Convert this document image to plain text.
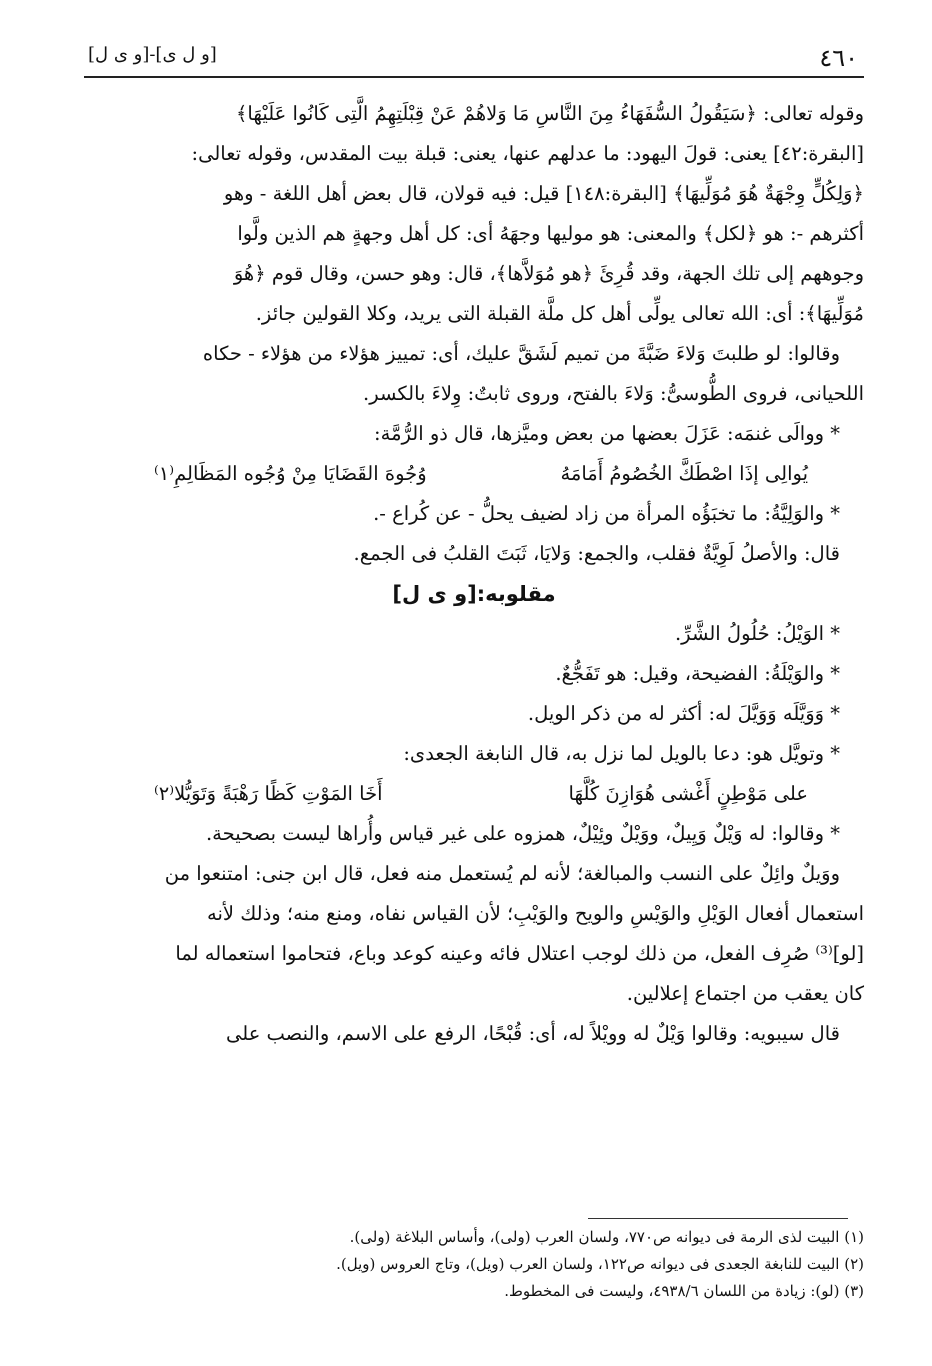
٤٦٠
[و ل ى]-[و ى ل]

وقوله تعالى: ﴿سَيَقُولُ السُّفَهَاءُ مِنَ النَّاسِ مَا وَلاهُمْ عَنْ قِبْلَتِهِمُ الَّتِى كَانُوا عَلَيْهَا﴾

[البقرة:٤٢] يعنى: قولَ اليهود: ما عدلهم عنها، يعنى: قبلة بيت المقدس، وقوله تعالى:

﴿وَلِكُلٍّ وِجْهَةٌ هُوَ مُوَلِّيهَا﴾ [البقرة:١٤٨] قيل: فيه قولان، قال بعض أهل اللغة - وهو

أكثرهم -: هو ﴿لكل﴾ والمعنى: هو موليها وجهَهُ أى: كل أهل وجهةٍ هم الذين ولَّوا

وجوههم إلى تلك الجهة، وقد قُرِئَ ﴿هو مُوَلاَّها﴾، قال: وهو حسن، وقال قوم ﴿هُوَ

مُوَلِّيهَا﴾: أى: الله تعالى يولِّى أهل كل ملَّة القبلة التى يريد، وكلا القولين جائز.

وقالوا: لو طلبتَ وَلاءَ ضَبَّةَ من تميم لَشَقَّ عليك، أى: تمييز هؤلاء من هؤلاء - حكاه

اللحيانى، فروى الطُّوسىُّ: وَلاءَ بالفتح، وروى ثابتٌ: وِلاءَ بالكسر.

* ووالَى غنمَه: عَزَلَ بعضها من بعض وميَّزها، قال ذو الرُّمَّة:

يُوالِى إذَا اصْطَكَّ الخُصُومُ أَمَامَهُ
وُجُوهَ القَضَايَا مِنْ وُجُوه المَظَالِمِ⁽١⁾

* والوَلِيَّةُ: ما تخبَؤُه المرأة من زاد لضيف يحلُّ - عن كُراع -.

قال: والأصلُ لَوِيَّةٌ فقلب، والجمع: وَلايَا، ثَبَتَ القلبُ فى الجمع.

مقلوبه:[و ى ل]

* الوَيْلُ: حُلُولُ الشَّرِّ.

* والوَيْلَةُ: الفضيحة، وقيل: هو تَفَجُّعٌ.

* وَوَيَّلَه وَوَيَّلَ له: أكثر له من ذكر الويل.

* وتويَّل هو: دعا بالويل لما نزل به، قال النابغة الجعدى:

على مَوْطِنٍ أَغْشى هُوَازِنَ كُلَّهَا
أَخَا المَوْتِ كَظًا رَهْبَةً وَتَوَيُّلا⁽٢⁾

* وقالوا: له وَيْلٌ وَيِيلٌ، ووَيْلٌ وئِيْلٌ، همزوه على غير قياس وأُراها ليست بصحيحة.

ووَيلٌ وائِلٌ على النسب والمبالغة؛ لأنه لم يُستعمل منه فعل، قال ابن جنى: امتنعوا من

استعمال أفعال الوَيْلِ والوَيْسِ والويح والوَيْبِ؛ لأن القياس نفاه، ومنع منه؛ وذلك لأنه

[لو]⁽³⁾ صُرِف الفعل، من ذلك لوجب اعتلال فائه وعينه كوعد وباع، فتحاموا استعماله لما

كان يعقب من اجتماع إعلالين.

قال سيبويه: وقالوا وَيْلٌ له وويْلاً له، أى: قُبْحًا، الرفع على الاسم، والنصب على

(١) البيت لذى الرمة فى ديوانه ص٧٧٠، ولسان العرب (ولى)، وأساس البلاغة (ولى).

(٢) البيت للنابغة الجعدى فى ديوانه ص١٢٢، ولسان العرب (ويل)، وتاج العروس (ويل).

(٣) (لو): زيادة من اللسان ٤٩٣٨/٦، وليست فى المخطوط.
